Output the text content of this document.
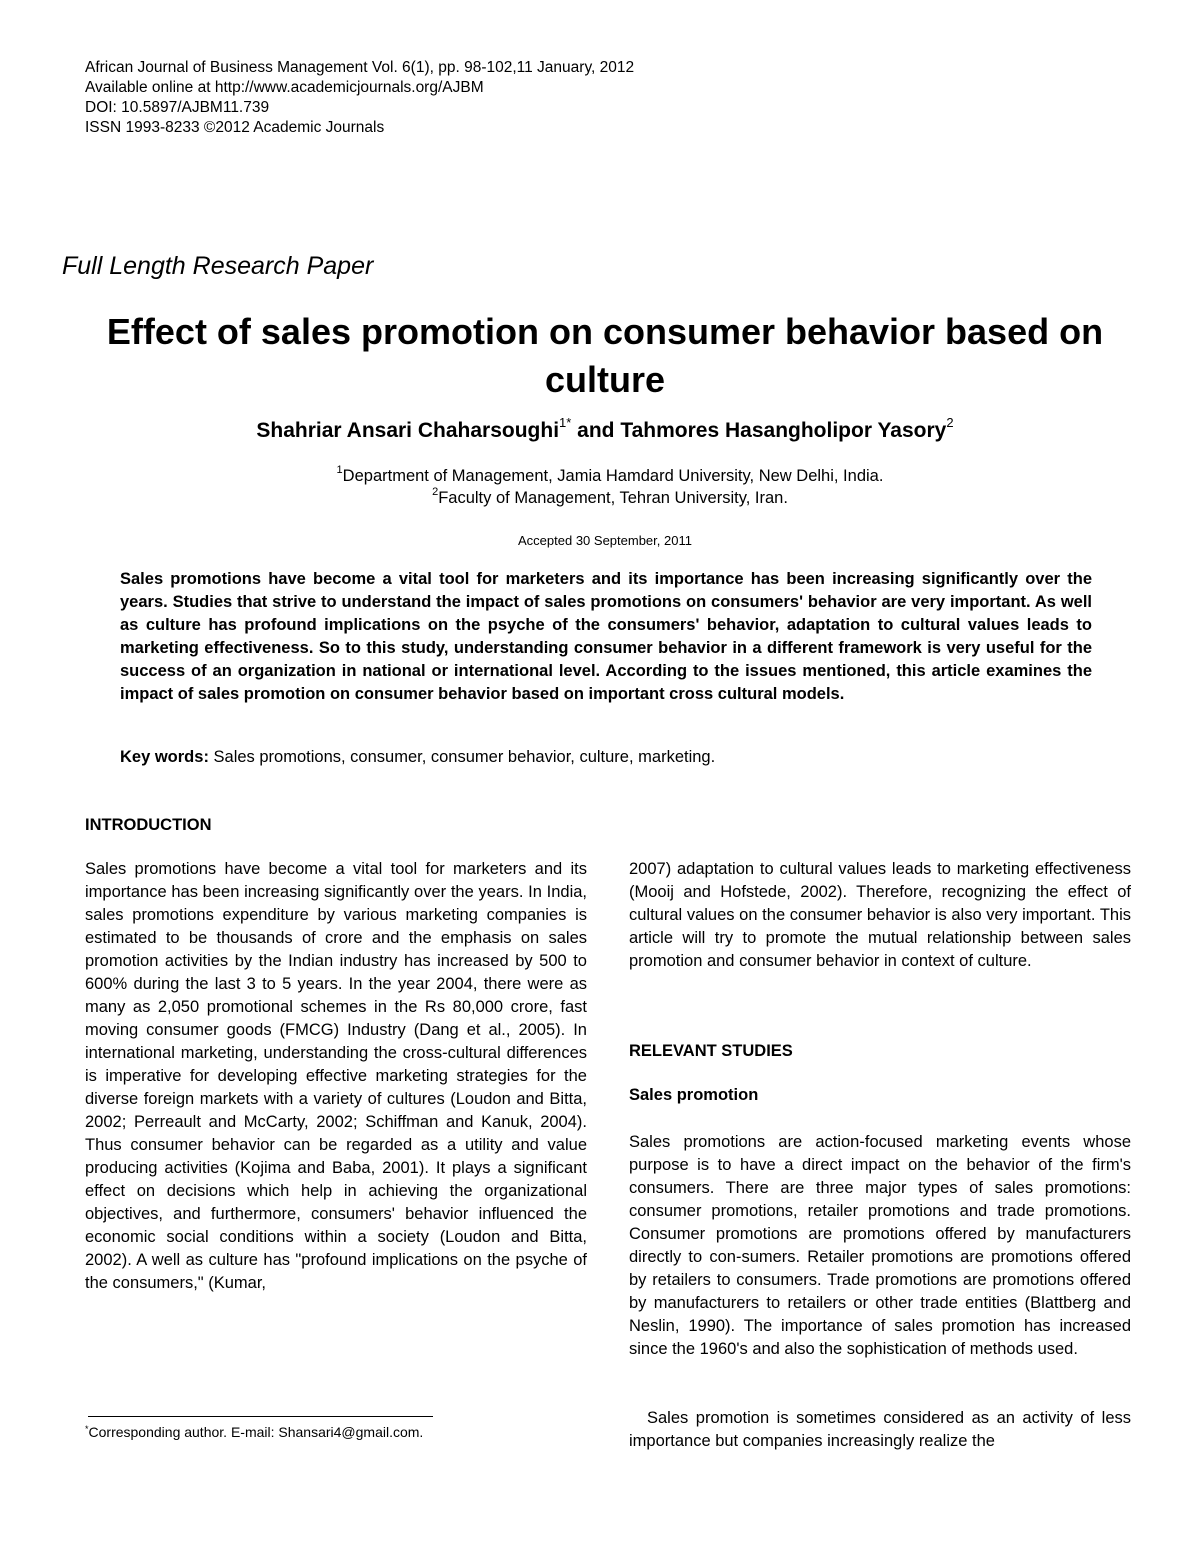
African Journal of Business Management Vol. 6(1), pp. 98-102,11 January, 2012
Available online at http://www.academicjournals.org/AJBM
DOI: 10.5897/AJBM11.739
ISSN 1993-8233 ©2012 Academic Journals
Full Length Research Paper
Effect of sales promotion on consumer behavior based on culture
Shahriar Ansari Chaharsoughi$^{1*}$ and Tahmores Hasangholipor Yasory$^2$
$^1$Department of Management, Jamia Hamdard University, New Delhi, India.
$^2$Faculty of Management, Tehran University, Iran.
Accepted 30 September, 2011
Sales promotions have become a vital tool for marketers and its importance has been increasing significantly over the years. Studies that strive to understand the impact of sales promotions on consumers' behavior are very important. As well as culture has profound implications on the psyche of the consumers' behavior, adaptation to cultural values leads to marketing effectiveness. So to this study, understanding consumer behavior in a different framework is very useful for the success of an organization in national or international level. According to the issues mentioned, this article examines the impact of sales promotion on consumer behavior based on important cross cultural models.
Key words: Sales promotions, consumer, consumer behavior, culture, marketing.
INTRODUCTION

Sales promotions have become a vital tool for marketers and its importance has been increasing significantly over the years. In India, sales promotions expenditure by various marketing companies is estimated to be thousands of crore and the emphasis on sales promotion activities by the Indian industry has increased by 500 to 600% during the last 3 to 5 years. In the year 2004, there were as many as 2,050 promotional schemes in the Rs 80,000 crore, fast moving consumer goods (FMCG) Industry (Dang et al., 2005). In international marketing, understanding the cross-cultural differences is imperative for developing effective marketing strategies for the diverse foreign markets with a variety of cultures (Loudon and Bitta, 2002; Perreault and McCarty, 2002; Schiffman and Kanuk, 2004). Thus consumer behavior can be regarded as a utility and value producing activities (Kojima and Baba, 2001). It plays a significant effect on decisions which help in achieving the organizational objectives, and furthermore, consumers' behavior influenced the economic social conditions within a society (Loudon and Bitta, 2002). A well as culture has "profound implications on the psyche of the consumers," (Kumar,

2007) adaptation to cultural values leads to marketing effectiveness (Mooij and Hofstede, 2002). Therefore, recognizing the effect of cultural values on the consumer behavior is also very important. This article will try to promote the mutual relationship between sales promotion and consumer behavior in context of culture.

RELEVANT STUDIES
Sales promotion

Sales promotions are action-focused marketing events whose purpose is to have a direct impact on the behavior of the firm's consumers. There are three major types of sales promotions: consumer promotions, retailer promotions and trade promotions. Consumer promotions are promotions offered by manufacturers directly to con-sumers. Retailer promotions are promotions offered by retailers to consumers. Trade promotions are promotions offered by manufacturers to retailers or other trade entities (Blattberg and Neslin, 1990). The importance of sales promotion has increased since the 1960's and also the sophistication of methods used.

Sales promotion is sometimes considered as an activity of less importance but companies increasingly realize the

*Corresponding author. E-mail: Shansari4@gmail.com.
